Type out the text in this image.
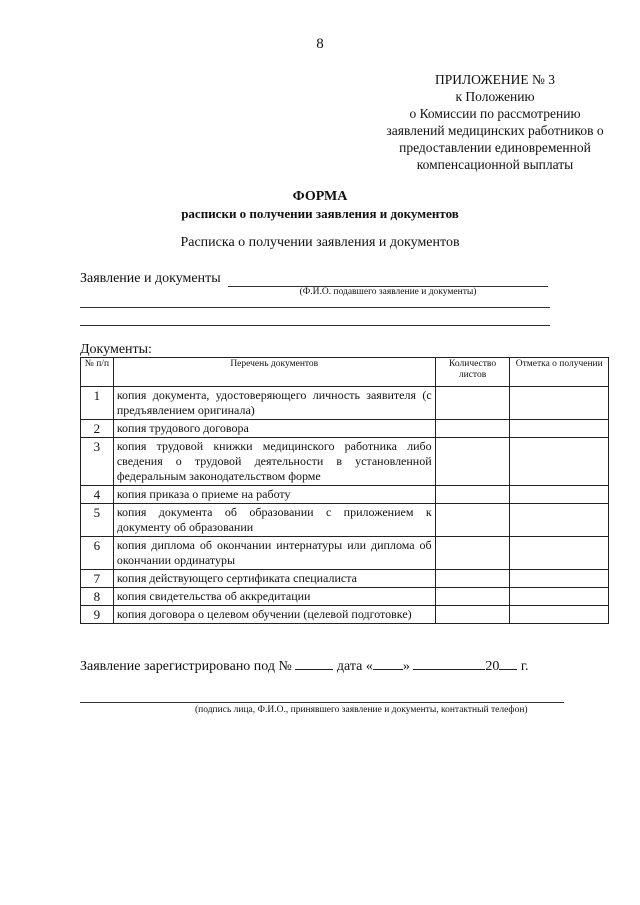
8
ПРИЛОЖЕНИЕ № 3
к Положению
о Комиссии по рассмотрению
заявлений медицинских работников о
предоставлении единовременной
компенсационной выплаты
ФОРМА
расписки о получении заявления и документов
Расписка о получении заявления и документов
Заявление и документы
(Ф.И.О. подавшего заявление и документы)
Документы:
№ п/п	Перечень документов	Количество листов	Отметка о получении
1	копия документа, удостоверяющего личность заявителя (с предъявлением оригинала)		
2	копия трудового договора		
3	копия трудовой книжки медицинского работника либо сведения о трудовой деятельности в установленной федеральным законодательством форме		
4	копия приказа о приеме на работу		
5	копия документа об образовании с приложением к документу об образовании		
6	копия диплома об окончании интернатуры или диплома об окончании ординатуры		
7	копия действующего сертификата специалиста		
8	копия свидетельства об аккредитации		
9	копия договора о целевом обучении (целевой подготовке)		
Заявление зарегистрировано под №	дата « »	20 г.
(подпись лица, Ф.И.О., принявшего заявление и документы, контактный телефон)
